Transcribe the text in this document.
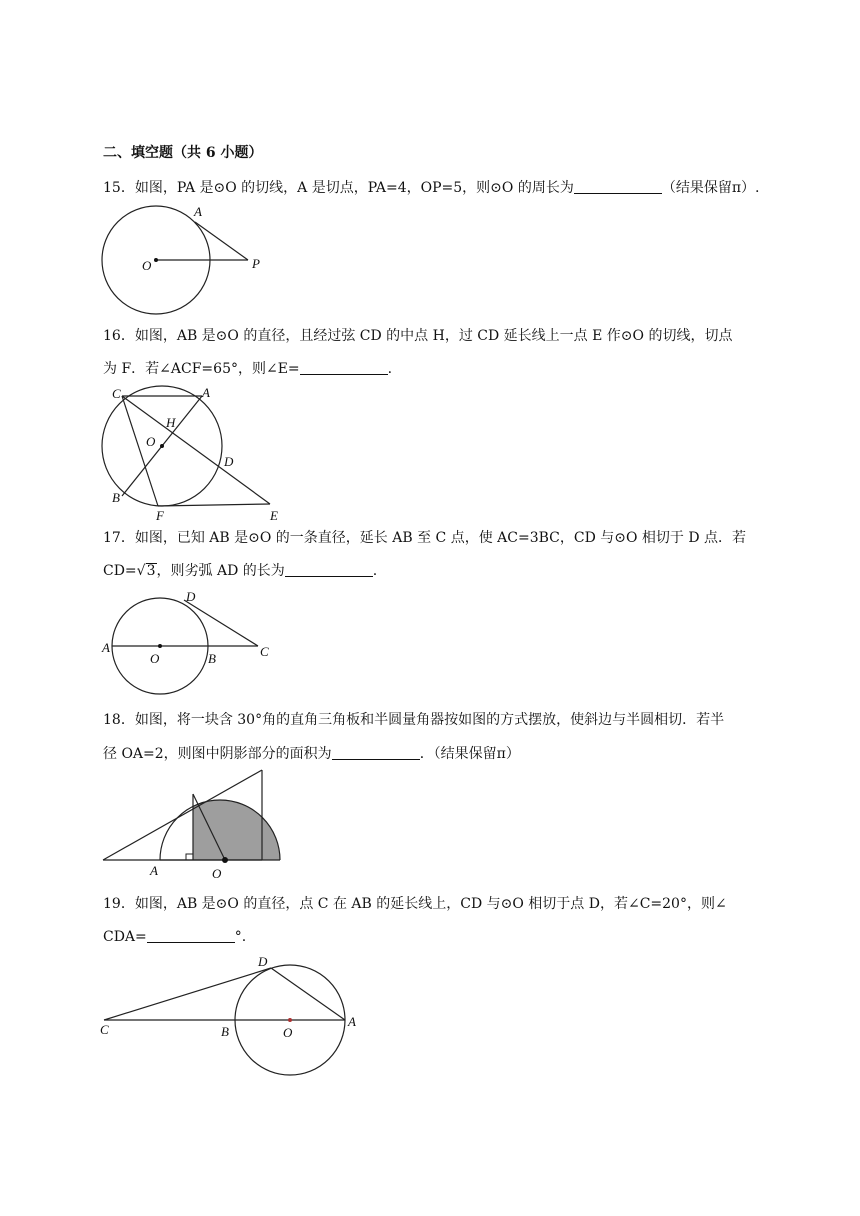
二、填空题（共 6 小题）
15．如图，PA 是⊙O 的切线，A 是切点，PA=4，OP=5，则⊙O 的周长为	（结果保留π）.
A
O	P
16．如图，AB 是⊙O 的直径，且经过弦 CD 的中点 H，过 CD 延长线上一点 E 作⊙O 的切线，切点
为 F．若∠ACF=65°，则∠E=	.
C	A
H
O
D
B
F	E
17．如图，已知 AB 是⊙O 的一条直径，延长 AB 至 C 点，使 AC=3BC，CD 与⊙O 相切于 D 点．若
CD=√3，则劣弧 AD 的长为	.
D
A
O	B	C
18．如图，将一块含 30°角的直角三角板和半圆量角器按如图的方式摆放，使斜边与半圆相切．若半
径 OA=2，则图中阴影部分的面积为	．（结果保留π）
A	O
19．如图，AB 是⊙O 的直径，点 C 在 AB 的延长线上，CD 与⊙O 相切于点 D，若∠C=20°，则∠
CDA=	°.
D
C	B	O
A
